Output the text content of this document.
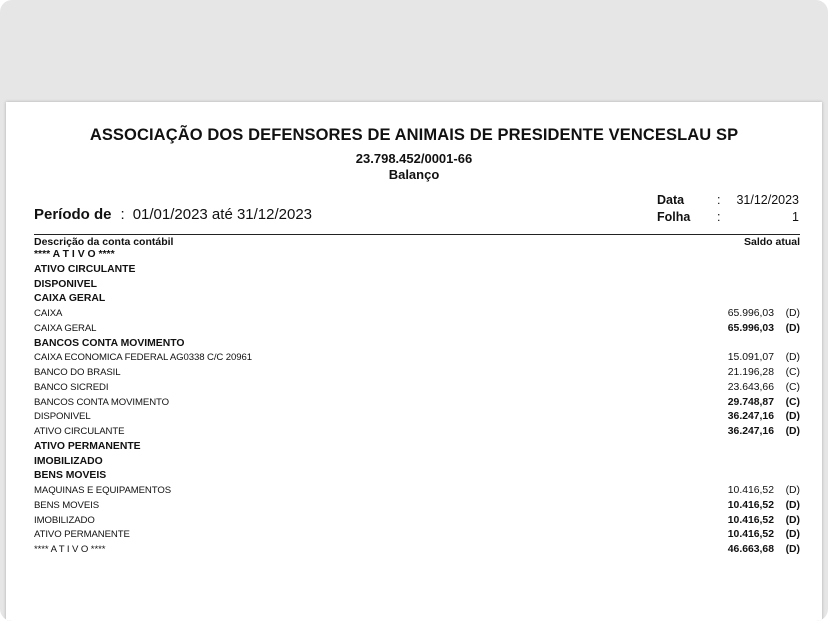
ASSOCIAÇÃO DOS DEFENSORES DE ANIMAIS DE PRESIDENTE VENCESLAU SP
23.798.452/0001-66
Balanço
Período de : 01/01/2023 até 31/12/2023
Data	: 31/12/2023
Folha :	1
Descrição da conta contábil	Saldo atual
**** A T I V O ****
ATIVO CIRCULANTE
DISPONIVEL
CAIXA GERAL
CAIXA	65.996,03 (D)
CAIXA GERAL	65.996,03 (D)
BANCOS CONTA MOVIMENTO
CAIXA ECONOMICA FEDERAL AG0338 C/C 20961	15.091,07 (D)
BANCO DO BRASIL	21.196,28 (C)
BANCO SICREDI	23.643,66 (C)
BANCOS CONTA MOVIMENTO	29.748,87 (C)
DISPONIVEL	36.247,16 (D)
ATIVO CIRCULANTE	36.247,16 (D)
ATIVO PERMANENTE
IMOBILIZADO
BENS MOVEIS
MAQUINAS E EQUIPAMENTOS	10.416,52 (D)
BENS MOVEIS	10.416,52 (D)
IMOBILIZADO	10.416,52 (D)
ATIVO PERMANENTE	10.416,52 (D)
**** A T I V O ****	46.663,68 (D)
